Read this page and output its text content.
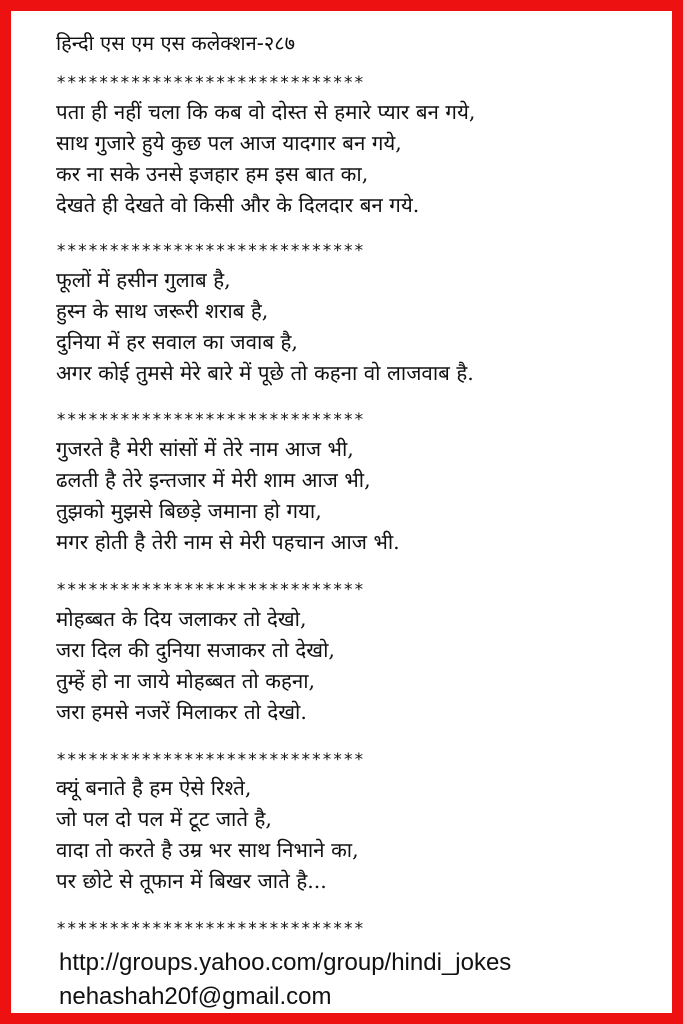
हिन्दी एस एम एस कलेक्शन-२८७
*****************************
पता ही नहीं चला कि कब वो दोस्त से हमारे प्यार बन गये,
साथ गुजारे हुये कुछ पल आज यादगार बन गये,
कर ना सके उनसे इजहार हम इस बात का,
देखते ही देखते वो किसी और के दिलदार बन गये.
*****************************
फूलों में हसीन गुलाब है,
हुस्न के साथ जरूरी शराब है,
दुनिया में हर सवाल का जवाब है,
अगर कोई तुमसे मेरे बारे में पूछे तो कहना वो लाजवाब है.
*****************************
गुजरते है मेरी सांसों में तेरे नाम आज भी,
ढलती है तेरे इन्तजार में मेरी शाम आज भी,
तुझको मुझसे बिछड़े जमाना हो गया,
मगर होती है तेरी नाम से मेरी पहचान आज भी.
*****************************
मोहब्बत के दिय जलाकर तो देखो,
जरा दिल की दुनिया सजाकर तो देखो,
तुम्हें हो ना जाये मोहब्बत तो कहना,
जरा हमसे नजरें मिलाकर तो देखो.
*****************************
क्यूं बनाते है हम ऐसे रिश्ते,
जो पल दो पल में टूट जाते है,
वादा तो करते है उम्र भर साथ निभाने का,
पर छोटे से तूफान में बिखर जाते है...
*****************************
http://groups.yahoo.com/group/hindi_jokes
nehashah20f@gmail.com
